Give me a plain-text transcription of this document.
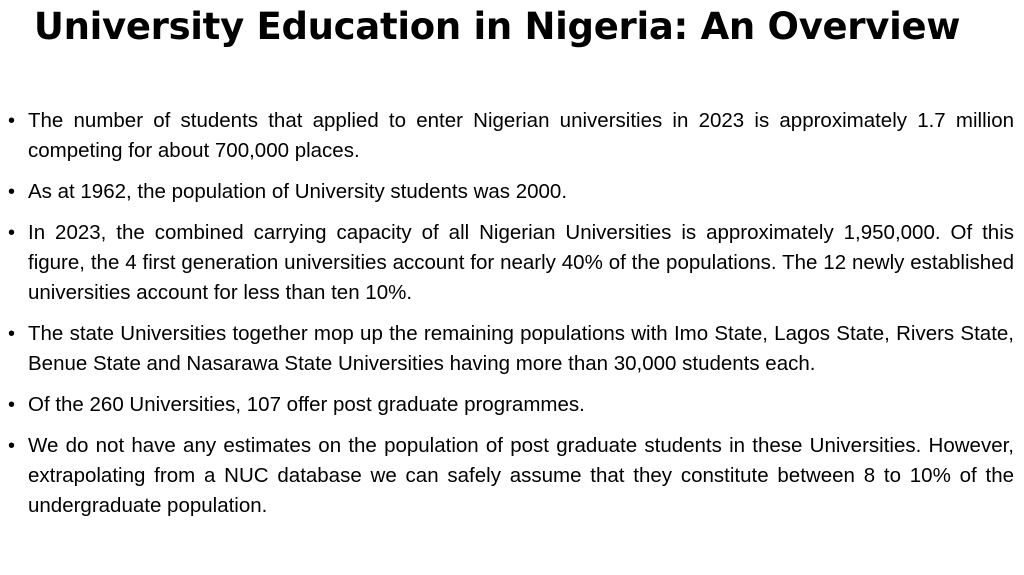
University Education in Nigeria: An Overview
• The number of students that applied to enter Nigerian universities in 2023 is approximately 1.7 million competing for about 700,000 places.
• As at 1962, the population of University students was 2000.
• In 2023, the combined carrying capacity of all Nigerian Universities is approximately 1,950,000. Of this figure, the 4 first generation universities account for nearly 40% of the populations. The 12 newly established universities account for less than ten 10%.
• The state Universities together mop up the remaining populations with Imo State, Lagos State, Rivers State, Benue State and Nasarawa State Universities having more than 30,000 students each.
• Of the 260 Universities, 107 offer post graduate programmes.
• We do not have any estimates on the population of post graduate students in these Universities. However, extrapolating from a NUC database we can safely assume that they constitute between 8 to 10% of the undergraduate population.
